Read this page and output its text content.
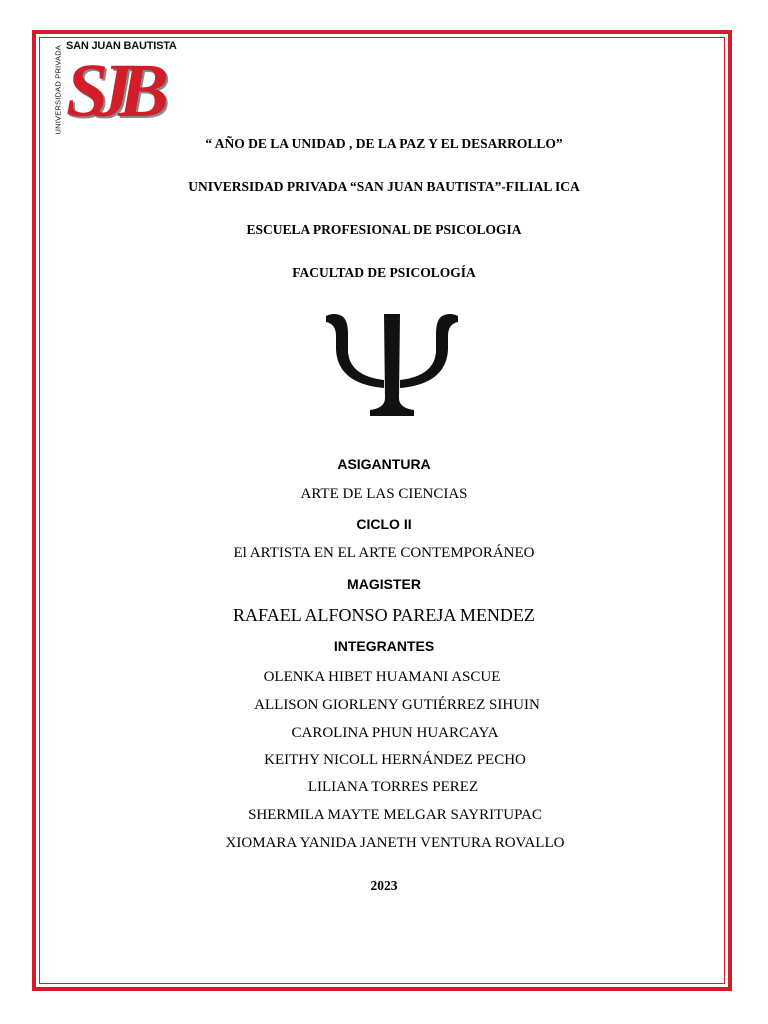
SAN JUAN BAUTISTA
UNIVERSIDAD PRIVADA SJB
“ AÑO DE LA UNIDAD , DE LA PAZ Y EL DESARROLLO”
UNIVERSIDAD PRIVADA “SAN JUAN BAUTISTA”-FILIAL ICA
ESCUELA PROFESIONAL DE PSICOLOGIA
FACULTAD DE PSICOLOGÍA
ASIGANTURA
ARTE DE LAS CIENCIAS
CICLO II
El ARTISTA EN EL ARTE CONTEMPORÁNEO
MAGISTER
RAFAEL ALFONSO PAREJA MENDEZ
INTEGRANTES
OLENKA HIBET HUAMANI ASCUE
ALLISON GIORLENY GUTIÉRREZ SIHUIN
CAROLINA PHUN HUARCAYA
KEITHY NICOLL HERNÁNDEZ PECHO
LILIANA TORRES PEREZ
SHERMILA MAYTE MELGAR SAYRITUPAC
XIOMARA YANIDA JANETH VENTURA ROVALLO
2023
